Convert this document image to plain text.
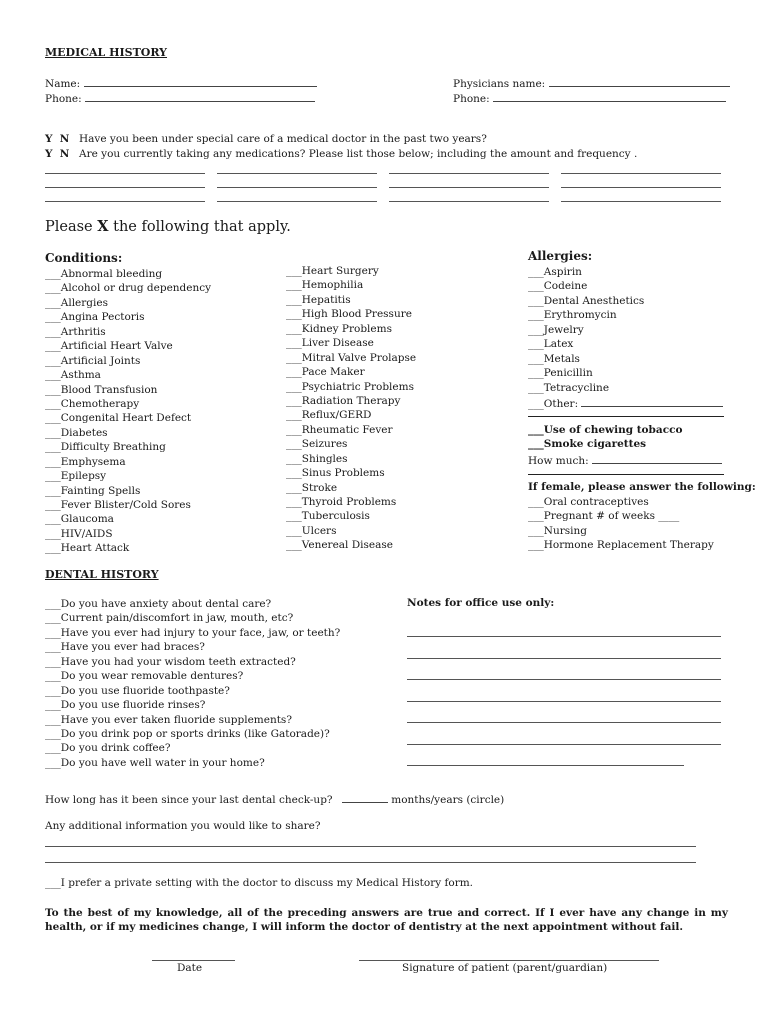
MEDICAL HISTORY
Name:
Phone:
Physicians name:
Phone:
Y  N Have you been under special care of a medical doctor in the past two years?
Y  N Are you currently taking any medications? Please list those below; including the amount and frequency .
Please X the following that apply.
Conditions:
___Abnormal bleeding
___Alcohol or drug dependency
___Allergies
___Angina Pectoris
___Arthritis
___Artificial Heart Valve
___Artificial Joints
___Asthma
___Blood Transfusion
___Chemotherapy
___Congenital Heart Defect
___Diabetes
___Difficulty Breathing
___Emphysema
___Epilepsy
___Fainting Spells
___Fever Blister/Cold Sores
___Glaucoma
___HIV/AIDS
___Heart Attack
___Heart Surgery
___Hemophilia
___Hepatitis
___High Blood Pressure
___Kidney Problems
___Liver Disease
___Mitral Valve Prolapse
___Pace Maker
___Psychiatric Problems
___Radiation Therapy
___Reflux/GERD
___Rheumatic Fever
___Seizures
___Shingles
___Sinus Problems
___Stroke
___Thyroid Problems
___Tuberculosis
___Ulcers
___Venereal Disease
Allergies:
___Aspirin
___Codeine
___Dental Anesthetics
___Erythromycin
___Jewelry
___Latex
___Metals
___Penicillin
___Tetracycline
___Other:
___Use of chewing tobacco
___Smoke cigarettes
How much:
If female, please answer the following:
___Oral contraceptives
___Pregnant # of weeks ____
___Nursing
___Hormone Replacement Therapy
DENTAL HISTORY
___Do you have anxiety about dental care?
___Current pain/discomfort in jaw, mouth, etc?
___Have you ever had injury to your face, jaw, or teeth?
___Have you ever had braces?
___Have you had your wisdom teeth extracted?
___Do you wear removable dentures?
___Do you use fluoride toothpaste?
___Do you use fluoride rinses?
___Have you ever taken fluoride supplements?
___Do you drink pop or sports drinks (like Gatorade)?
___Do you drink coffee?
___Do you have well water in your home?
Notes for office use only:
How long has it been since your last dental check-up?	months/years (circle)
Any additional information you would like to share?
___I prefer a private setting with the doctor to discuss my Medical History form.
To the best of my knowledge, all of the preceding answers are true and correct. If I ever have any change in my health, or if my medicines change, I will inform the doctor of dentistry at the next appointment without fail.
Date	Signature of patient (parent/guardian)
